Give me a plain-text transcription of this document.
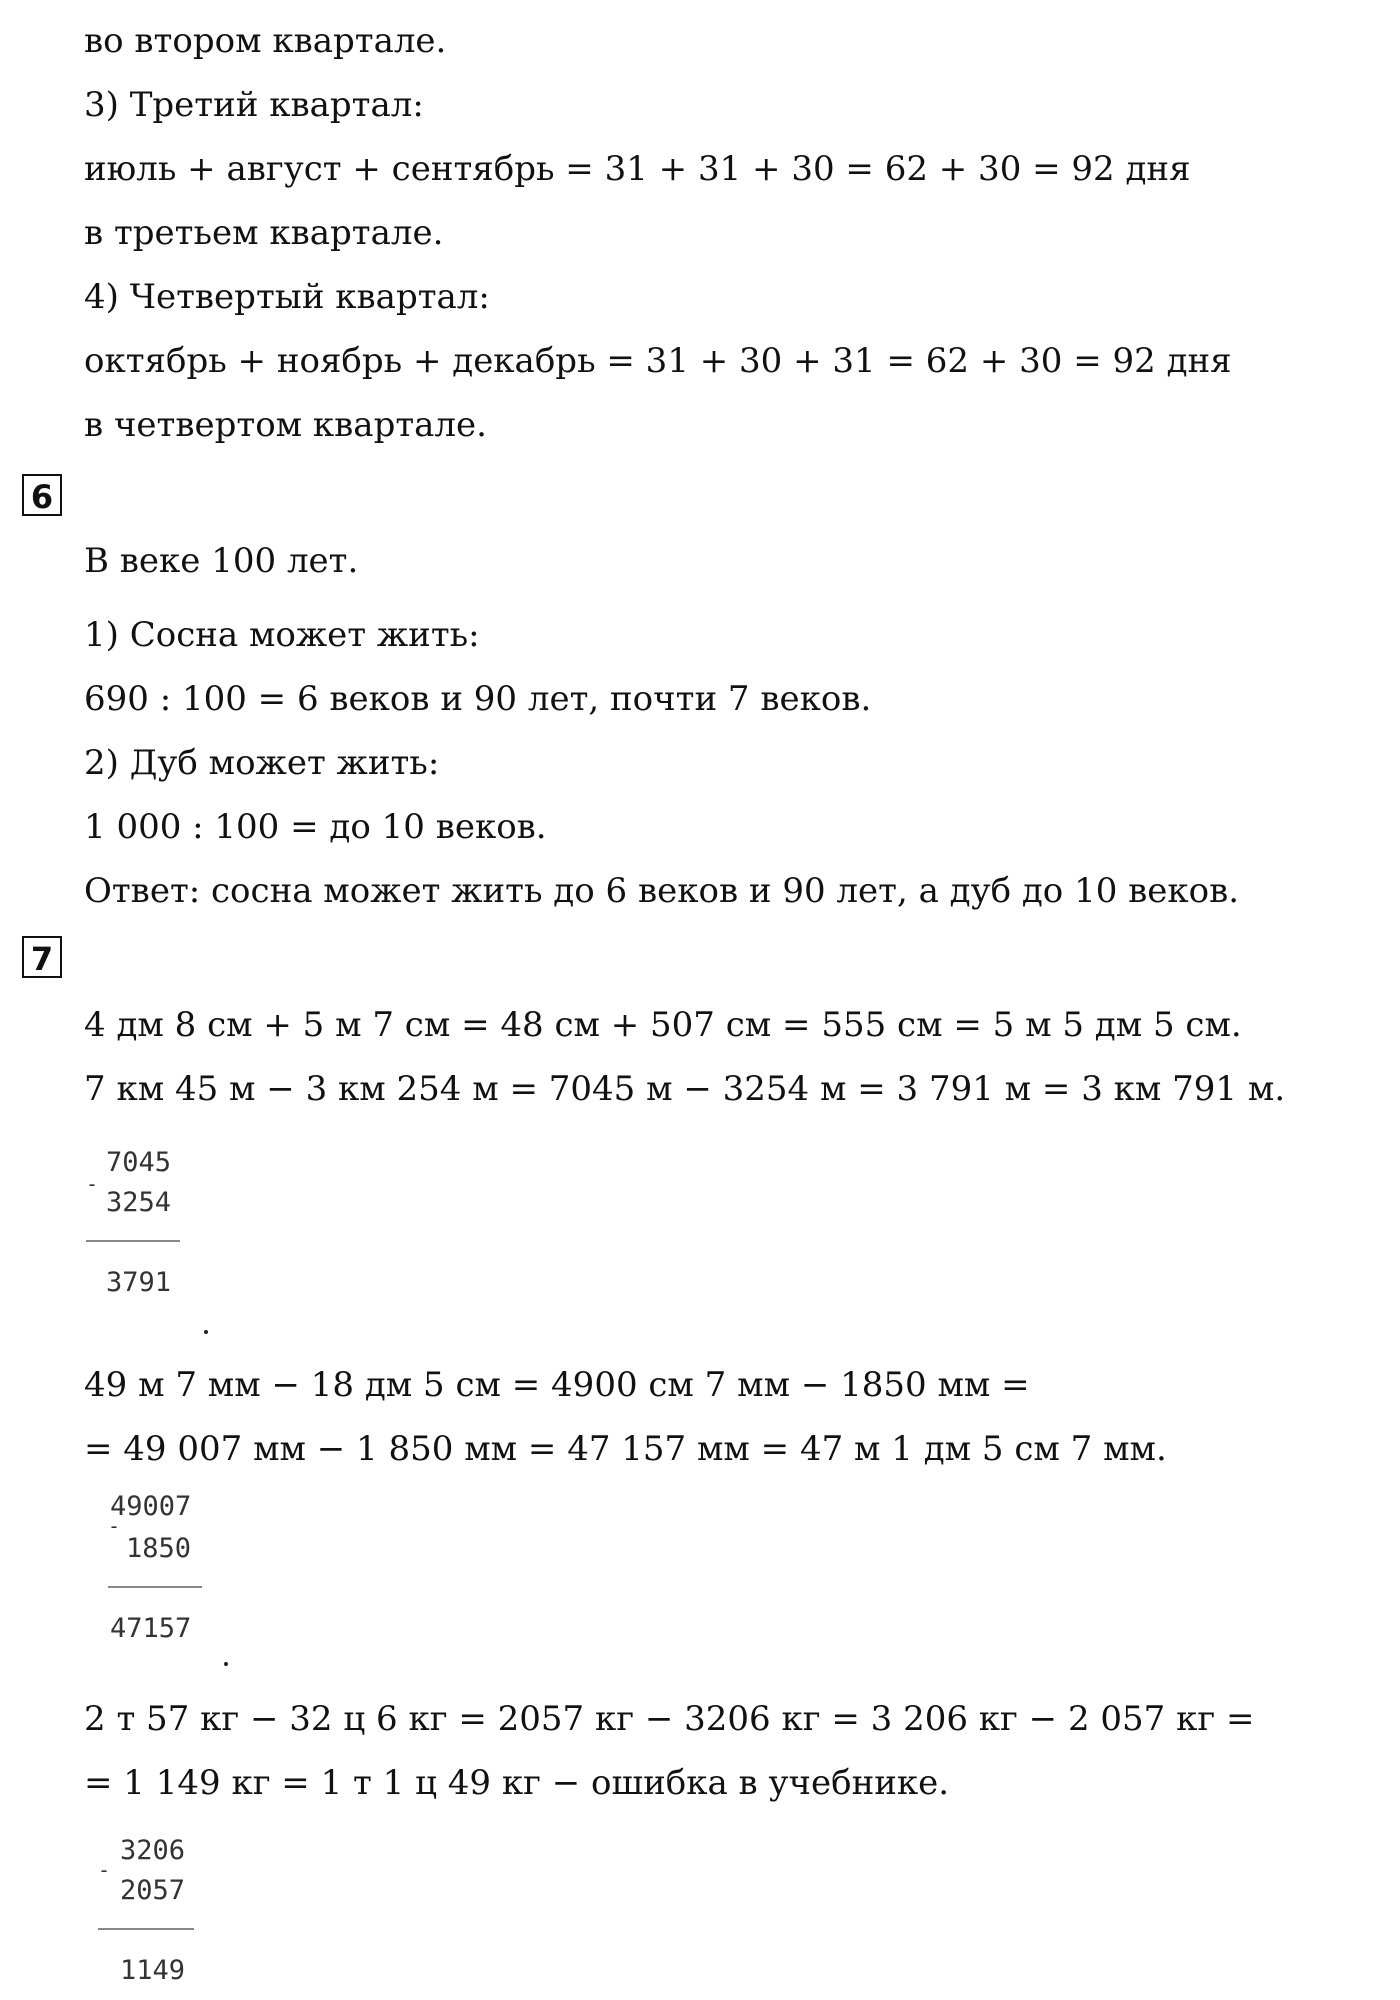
во втором квартале.
3) Третий квартал:
июль + август + сентябрь = 31 + 31 + 30 = 62 + 30 = 92 дня
в третьем квартале.
4) Четвертый квартал:
октябрь + ноябрь + декабрь = 31 + 30 + 31 = 62 + 30 = 92 дня
в четвертом квартале.
6
В веке 100 лет.
1) Сосна может жить:
690 : 100 = 6 веков и 90 лет, почти 7 веков.
2) Дуб может жить:
1 000 : 100 = до 10 веков.
Ответ: сосна может жить до 6 веков и 90 лет, а дуб до 10 веков.
7
4 дм 8 см + 5 м 7 см = 48 см + 507 см = 555 см = 5 м 5 дм 5 см.
7 км 45 м − 3 км 254 м = 7045 м − 3254 м = 3 791 м = 3 км 791 м.
7045
-
3254
3791
49 м 7 мм − 18 дм 5 см = 4900 см 7 мм − 1850 мм =
= 49 007 мм − 1 850 мм = 47 157 мм = 47 м 1 дм 5 см 7 мм.
49007
-
1850
47157
2 т 57 кг − 32 ц 6 кг = 2057 кг − 3206 кг = 3 206 кг − 2 057 кг =
= 1 149 кг = 1 т 1 ц 49 кг − ошибка в учебнике.
3206
-
2057
1149
